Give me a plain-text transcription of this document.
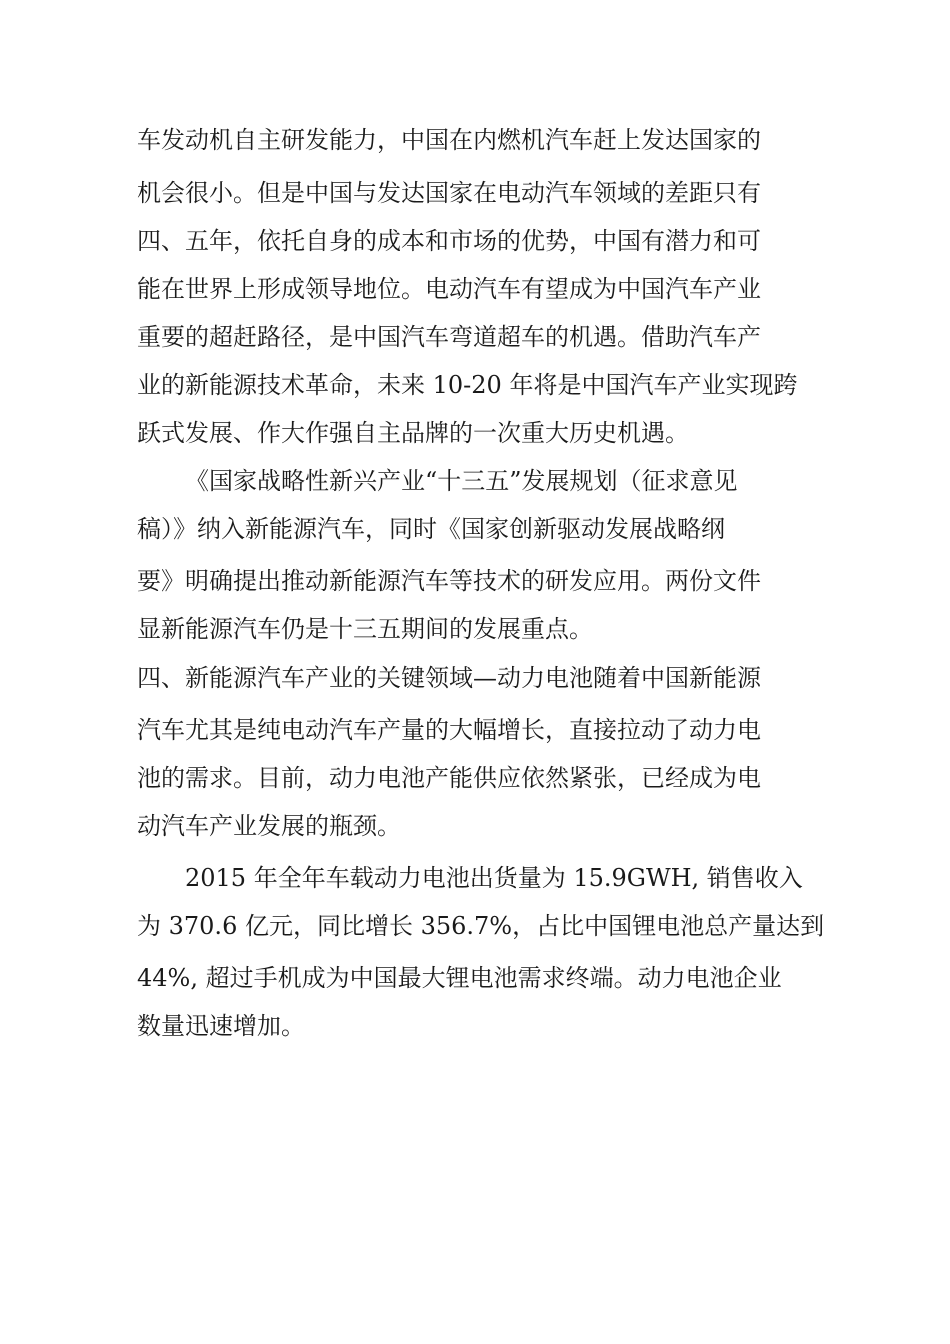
车发动机自主研发能力，中国在内燃机汽车赶上发达国家的

机会很小。但是中国与发达国家在电动汽车领域的差距只有

四、五年，依托自身的成本和市场的优势，中国有潜力和可

能在世界上形成领导地位。电动汽车有望成为中国汽车产业

重要的超赶路径，是中国汽车弯道超车的机遇。借助汽车产

业的新能源技术革命，未来 10-20 年将是中国汽车产业实现跨

跃式发展、作大作强自主品牌的一次重大历史机遇。

《国家战略性新兴产业“十三五”发展规划（征求意见

稿）》纳入新能源汽车，同时《国家创新驱动发展战略纲

要》明确提出推动新能源汽车等技术的研发应用。两份文件

显新能源汽车仍是十三五期间的发展重点。

四、新能源汽车产业的关键领域—动力电池随着中国新能源

汽车尤其是纯电动汽车产量的大幅增长，直接拉动了动力电

池的需求。目前，动力电池产能供应依然紧张，已经成为电

动汽车产业发展的瓶颈。

2015 年全年车载动力电池出货量为 15.9GWH, 销售收入

为 370.6 亿元，同比增长 356.7%，占比中国锂电池总产量达到

44%, 超过手机成为中国最大锂电池需求终端。动力电池企业

数量迅速增加。
